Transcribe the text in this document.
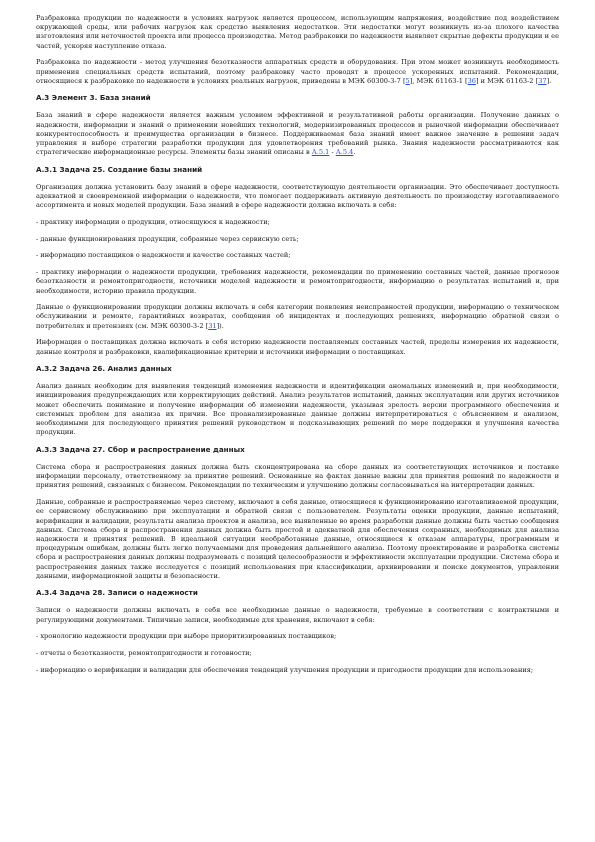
Разбраковка продукции по надежности в условиях нагрузок является процессом, использующим напряжения, воздействие под воздействием окружающей среды, или рабочих нагрузок как средство выявления недостатков. Эти недостатки могут возникнуть из-за плохого качества изготовления или неточностей проекта или процесса производства. Метод разбраковки по надежности выявляет скрытые дефекты продукции и ее частей, ускоряя наступление отказа.

Разбраковка по надежности - метод улучшения безотказности аппаратных средств и оборудования. При этом может возникнуть необходимость применения специальных средств испытаний, поэтому разбраковку часто проводят в процессе ускоренных испытаний. Рекомендации, относящиеся к разбраковке по надежности в условиях реальных нагрузок, приведены в МЭК 60300-3-7 [5], МЭК 61163-1 [36] и МЭК 61163-2 [37].

А.3 Элемент 3. База знаний

База знаний в сфере надежности является важным условием эффективной и результативной работы организации. Получение данных о надежности, информации и знаний о применении новейших технологий, модернизированных процессов и рыночной информации обеспечивает конкурентоспособность и преимущества организации в бизнесе. Поддерживаемая база знаний имеет важное значение в решении задач управления и выборе стратегии разработки продукции для удовлетворения требований рынка. Знания надежности рассматриваются как стратегические информационные ресурсы. Элементы базы знаний описаны в А.5.1 - А.5.4.

А.3.1 Задача 25. Создание базы знаний

Организация должна установить базу знаний в сфере надежности, соответствующую деятельности организации. Это обеспечивает доступность адекватной и своевременной информации о надежности, что помогает поддерживать активную деятельность по производству изготавливаемого ассортимента и новых моделей продукции. База знаний в сфере надежности должна включать в себя:

- практику информации о продукции, относящуюся к надежности;

- данные функционирования продукции, собранные через сервисную сеть;

- информацию поставщиков о надежности и качестве составных частей;

- практику информации о надежности продукции, требования надежности, рекомендации по применению составных частей, данные прогнозов безотказности и ремонтопригодности, источники моделей надежности и ремонтопригодности, информацию о результатах испытаний и, при необходимости, историю правила продукции.

Данные о функционировании продукции должны включать в себя категории появления неисправностей продукции, информацию о техническом обслуживании и ремонте, гарантийных возвратах, сообщения об инцидентах и последующих решениях, информацию обратной связи о потребителях и претензиях (см. МЭК 60300-3-2 [31]).

Информация о поставщиках должна включать в себя историю надежности поставляемых составных частей, пределы измерения их надежности, данные контроля и разбраковки, квалификационные критерии и источники информации о поставщиках.

А.3.2 Задача 26. Анализ данных

Анализ данных необходим для выявления тенденций изменения надежности и идентификации аномальных изменений и, при необходимости, инициирования предупреждающих или корректирующих действий. Анализ результатов испытаний, данных эксплуатации или других источников может обеспечить понимание и получение информации об изменении надежности, указывая зрелость версии программного обеспечения и системных проблем для анализа их причин. Все проанализированные данные должны интерпретироваться с объяснением и анализом, необходимыми для последующего принятия решений руководством и подсказывающих решений по мере поддержки и улучшения качества продукции.

А.3.3 Задача 27. Сбор и распространение данных

Система сбора и распространения данных должна быть сконцентрирована на сборе данных из соответствующих источников и поставке информации персоналу, ответственному за принятие решений. Основанные на фактах данные важны для принятия решений по надежности и принятия решений, связанных с бизнесом. Рекомендации по техническим и улучшению должны согласовываться на интерпретации данных.

Данные, собранные и распространяемые через систему, включают в себя данные, относящиеся к функционированию изготавливаемой продукции, ее сервисному обслуживанию при эксплуатации и обратной связи с пользователем. Результаты оценки продукции, данные испытаний, верификации и валидации, результаты анализа проектов и анализа, все выявленные во время разработки данные должны быть частью сообщения данных. Система сбора и распространения данных должна быть простой и адекватной для обеспечения сохранных, необходимых для анализа надежности и принятия решений. В идеальной ситуации необработанные данные, относящиеся к отказам аппаратуры, программным и процедурным ошибкам, должны быть легко получаемыми для проведения дальнейшего анализа. Поэтому проектирование и разработка системы сбора и распространения данных должны подразумевать с позиций целесообразности и эффективности эксплуатации продукции. Система сбора и распространения данных также исследуется с позиций использования при классификации, архивировании и поиске документов, управлении данными, информационной защиты и безопасности.

А.3.4 Задача 28. Записи о надежности

Записи о надежности должны включать в себя все необходимые данные о надежности, требуемые в соответствии с контрактными и регулирующими документами. Типичные записи, необходимые для хранения, включают в себя:

- хронологию надежности продукции при выборе приоритизированных поставщиков;

- отчеты о безотказности, ремонтопригодности и готовности;

- информацию о верификации и валидации для обеспечения тенденций улучшения продукции и пригодности продукции для использования;
